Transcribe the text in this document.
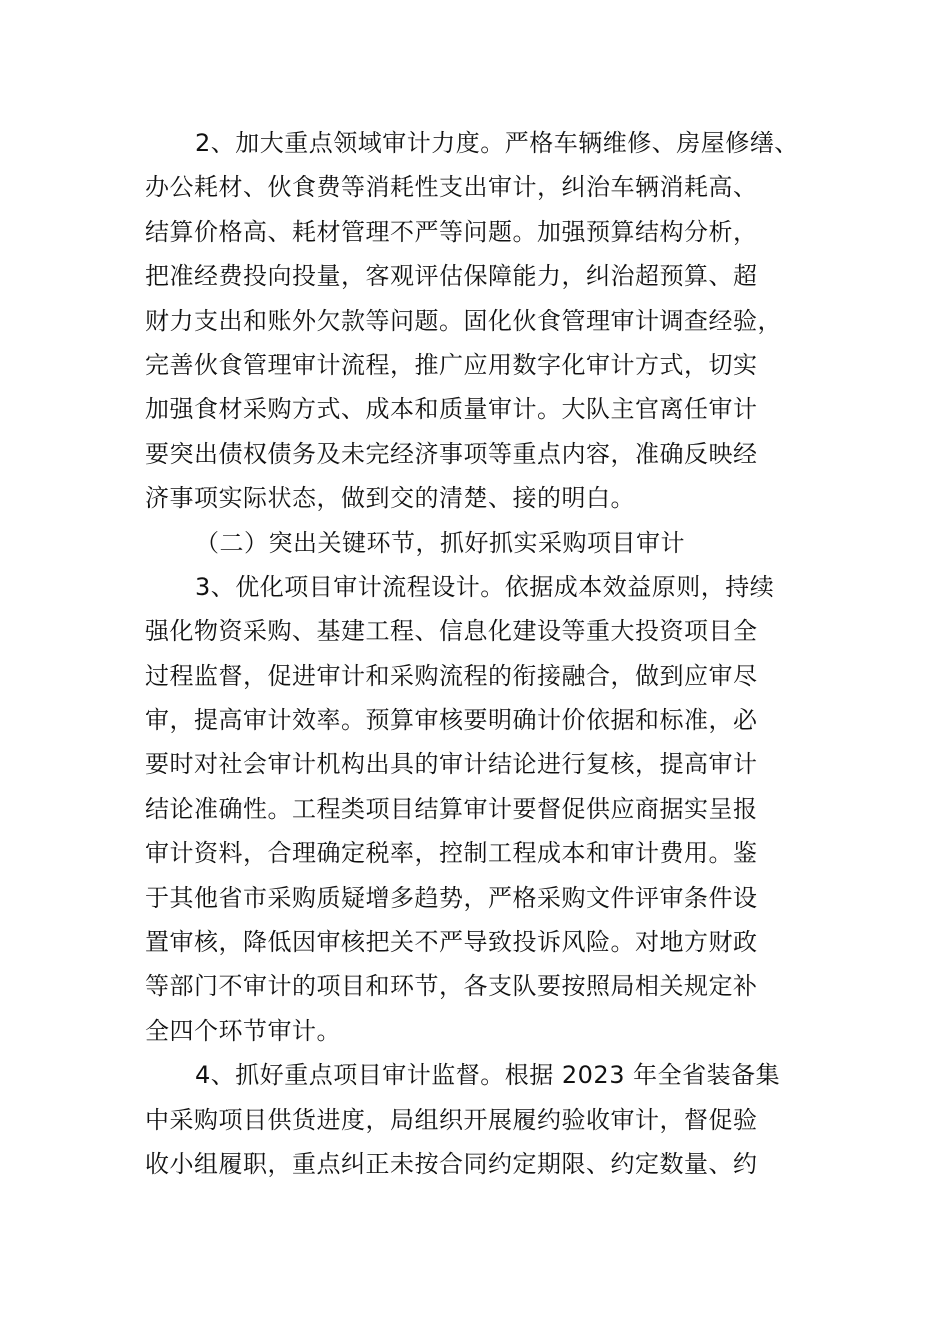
2、加大重点领域审计力度。严格车辆维修、房屋修缮、
办公耗材、伙食费等消耗性支出审计，纠治车辆消耗高、
结算价格高、耗材管理不严等问题。加强预算结构分析，
把准经费投向投量，客观评估保障能力，纠治超预算、超
财力支出和账外欠款等问题。固化伙食管理审计调查经验，
完善伙食管理审计流程，推广应用数字化审计方式，切实
加强食材采购方式、成本和质量审计。大队主官离任审计
要突出债权债务及未完经济事项等重点内容，准确反映经
济事项实际状态，做到交的清楚、接的明白。
（二）突出关键环节，抓好抓实采购项目审计
3、优化项目审计流程设计。依据成本效益原则，持续
强化物资采购、基建工程、信息化建设等重大投资项目全
过程监督，促进审计和采购流程的衔接融合，做到应审尽
审，提高审计效率。预算审核要明确计价依据和标准，必
要时对社会审计机构出具的审计结论进行复核，提高审计
结论准确性。工程类项目结算审计要督促供应商据实呈报
审计资料，合理确定税率，控制工程成本和审计费用。鉴
于其他省市采购质疑增多趋势，严格采购文件评审条件设
置审核，降低因审核把关不严导致投诉风险。对地方财政
等部门不审计的项目和环节，各支队要按照局相关规定补
全四个环节审计。
4、抓好重点项目审计监督。根据 2023 年全省装备集
中采购项目供货进度，局组织开展履约验收审计，督促验
收小组履职，重点纠正未按合同约定期限、约定数量、约
